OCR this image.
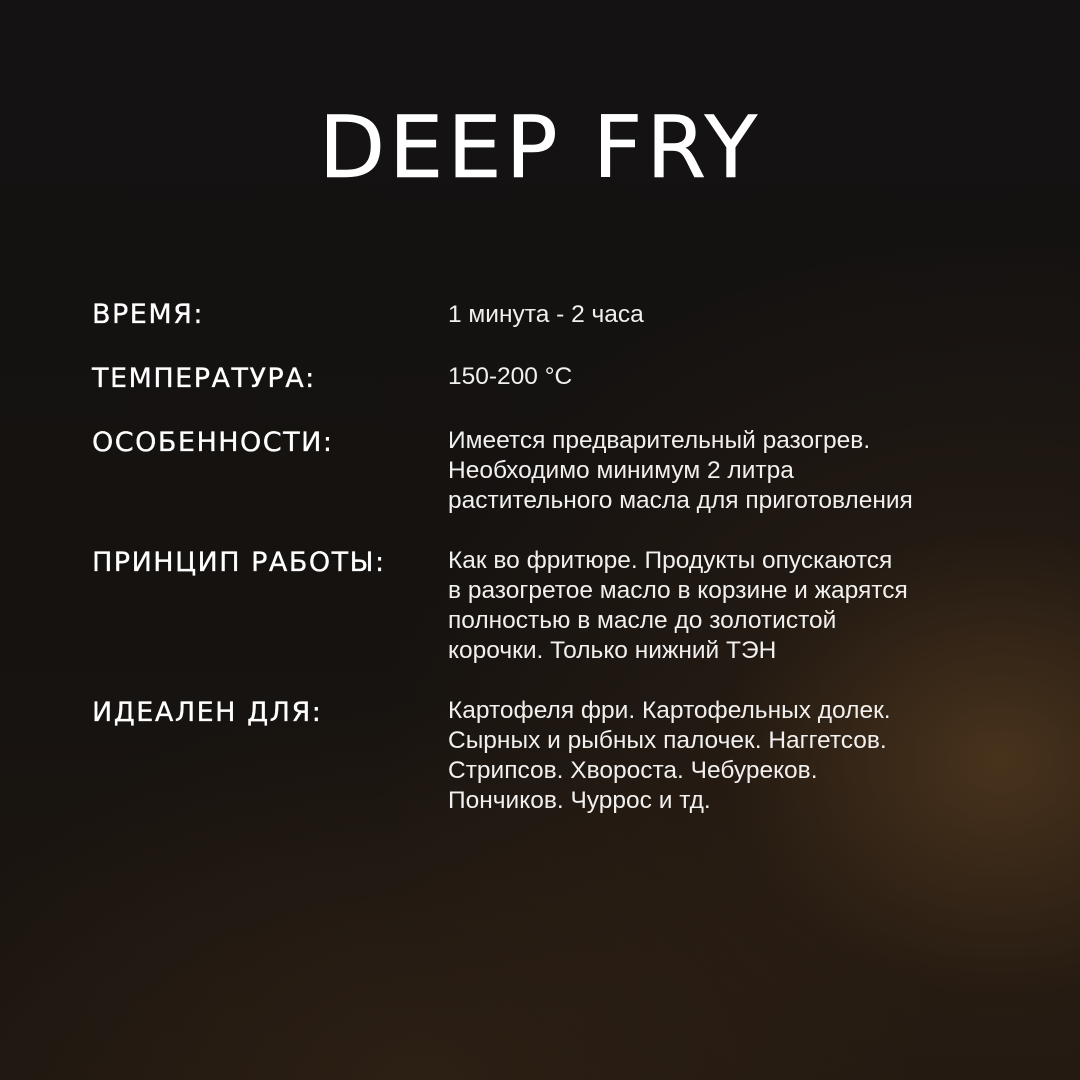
DEEP FRY
ВРЕМЯ:	1 минута - 2 часа
ТЕМПЕРАТУРА:	150-200 °С
ОСОБЕННОСТИ:	Имеется предварительный разогрев.
Необходимо минимум 2 литра
растительного масла для приготовления
ПРИНЦИП РАБОТЫ:	Как во фритюре. Продукты опускаются
в разогретое масло в корзине и жарятся
полностью в масле до золотистой
корочки. Только нижний ТЭН
ИДЕАЛЕН ДЛЯ:	Картофеля фри. Картофельных долек.
Сырных и рыбных палочек. Наггетсов.
Стрипсов. Хвороста. Чебуреков.
Пончиков. Чуррос и тд.
